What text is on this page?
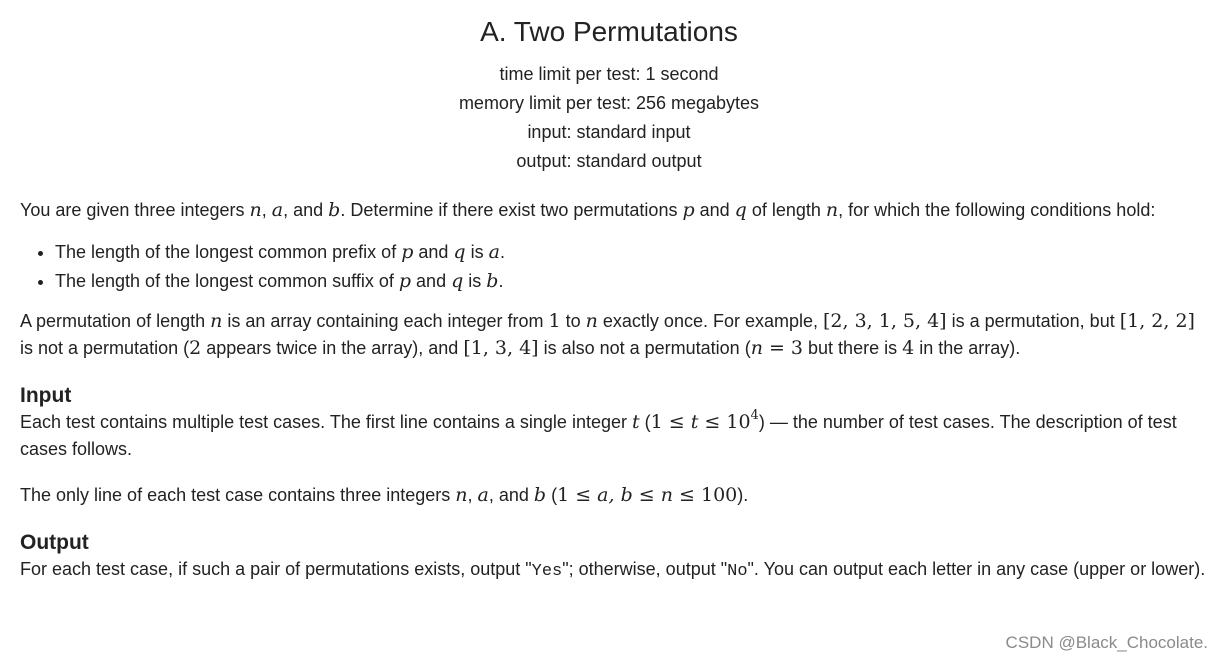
A. Two Permutations
time limit per test: 1 second
memory limit per test: 256 megabytes
input: standard input
output: standard output

You are given three integers n, a, and b. Determine if there exist two permutations p and q of length n, for which the following conditions hold:

• The length of the longest common prefix of p and q is a.
• The length of the longest common suffix of p and q is b.

A permutation of length n is an array containing each integer from 1 to n exactly once. For example, [2, 3, 1, 5, 4] is a permutation, but [1, 2, 2] is not a permutation (2 appears twice in the array), and [1, 3, 4] is also not a permutation (n = 3 but there is 4 in the array).

Input

Each test contains multiple test cases. The first line contains a single integer t $(1 \le t \le 10^4)$ — the number of test cases. The description of test cases follows.

The only line of each test case contains three integers n, a, and b (1 ≤ a, b ≤ n ≤ 100).

Output

For each test case, if such a pair of permutations exists, output "Yes"; otherwise, output "No". You can output each letter in any case (upper or lower).

CSDN @Black_Chocolate.
